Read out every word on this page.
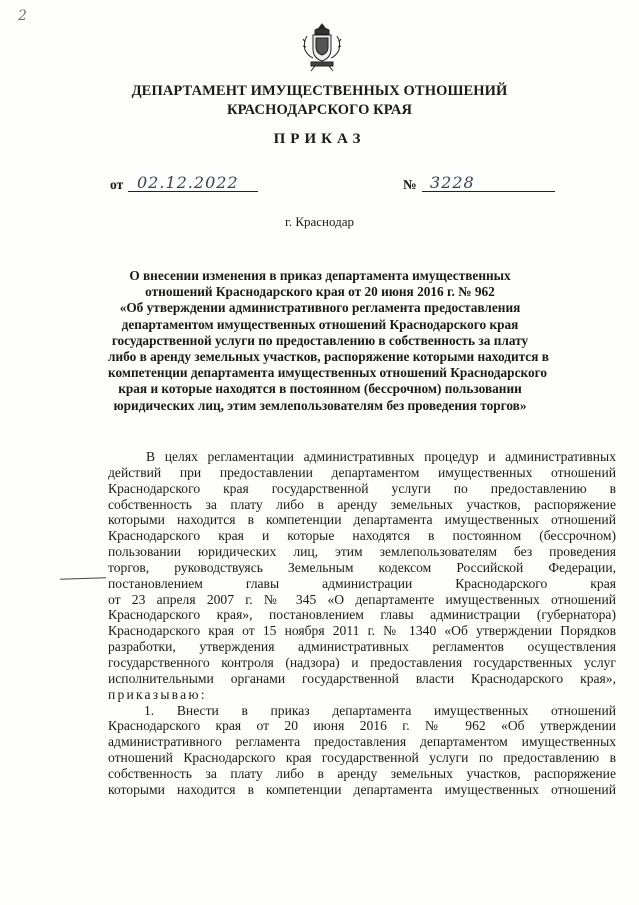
2
ДЕПАРТАМЕНТ ИМУЩЕСТВЕННЫХ ОТНОШЕНИЙ
КРАСНОДАРСКОГО КРАЯ
ПРИКАЗ
от 02.12.2022	№ 3228
г. Краснодар
О внесении изменения в приказ департамента имущественных
отношений Краснодарского края от 20 июня 2016 г. № 962
«Об утверждении административного регламента предоставления
департаментом имущественных отношений Краснодарского края
государственной услуги по предоставлению в собственность за плату
либо в аренду земельных участков, распоряжение которыми находится в
компетенции департамента имущественных отношений Краснодарского
края и которые находятся в постоянном (бессрочном) пользовании
юридических лиц, этим землепользователям без проведения торгов»
В целях регламентации административных процедур и административных
действий при предоставлении департаментом имущественных отношений
Краснодарского края государственной услуги по предоставлению в
собственность за плату либо в аренду земельных участков, распоряжение
которыми находится в компетенции департамента имущественных отношений
Краснодарского края и которые находятся в постоянном (бессрочном)
пользовании юридических лиц, этим землепользователям без проведения
торгов, руководствуясь Земельным кодексом Российской Федерации,
постановлением главы администрации Краснодарского края
от 23 апреля 2007 г. № 345 «О департаменте имущественных отношений
Краснодарского края», постановлением главы администрации (губернатора)
Краснодарского края от 15 ноября 2011 г. № 1340 «Об утверждении Порядков
разработки, утверждения административных регламентов осуществления
государственного контроля (надзора) и предоставления государственных услуг
исполнительными органами государственной власти Краснодарского края»,
приказываю:
1. Внести в приказ департамента имущественных отношений
Краснодарского края от 20 июня 2016 г. № 962 «Об утверждении
административного регламента предоставления департаментом имущественных
отношений Краснодарского края государственной услуги по предоставлению в
собственность за плату либо в аренду земельных участков, распоряжение
которыми находится в компетенции департамента имущественных отношений
